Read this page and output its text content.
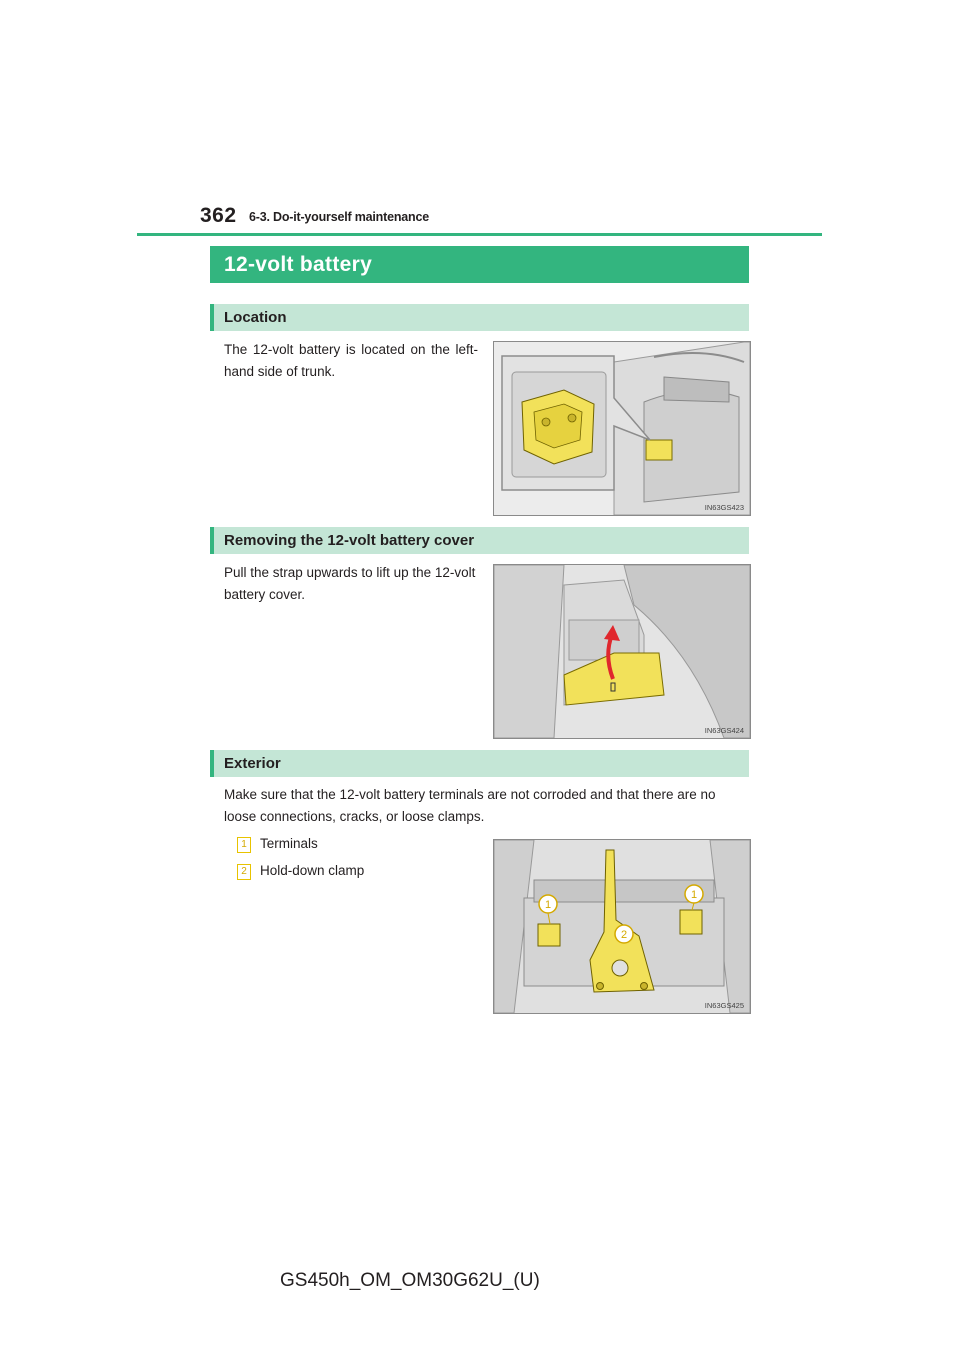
362 6-3. Do-it-yourself maintenance
12-volt battery
Location
The 12-volt battery is located on the left-hand side of trunk.
IN63GS423
Removing the 12-volt battery cover
Pull the strap upwards to lift up the 12-volt battery cover.
IN63GS424
Exterior
Make sure that the 12-volt battery terminals are not corroded and that there are no loose connections, cracks, or loose clamps.
1 Terminals
2 Hold-down clamp
1
1
2
IN63GS425
GS450h_OM_OM30G62U_(U)
